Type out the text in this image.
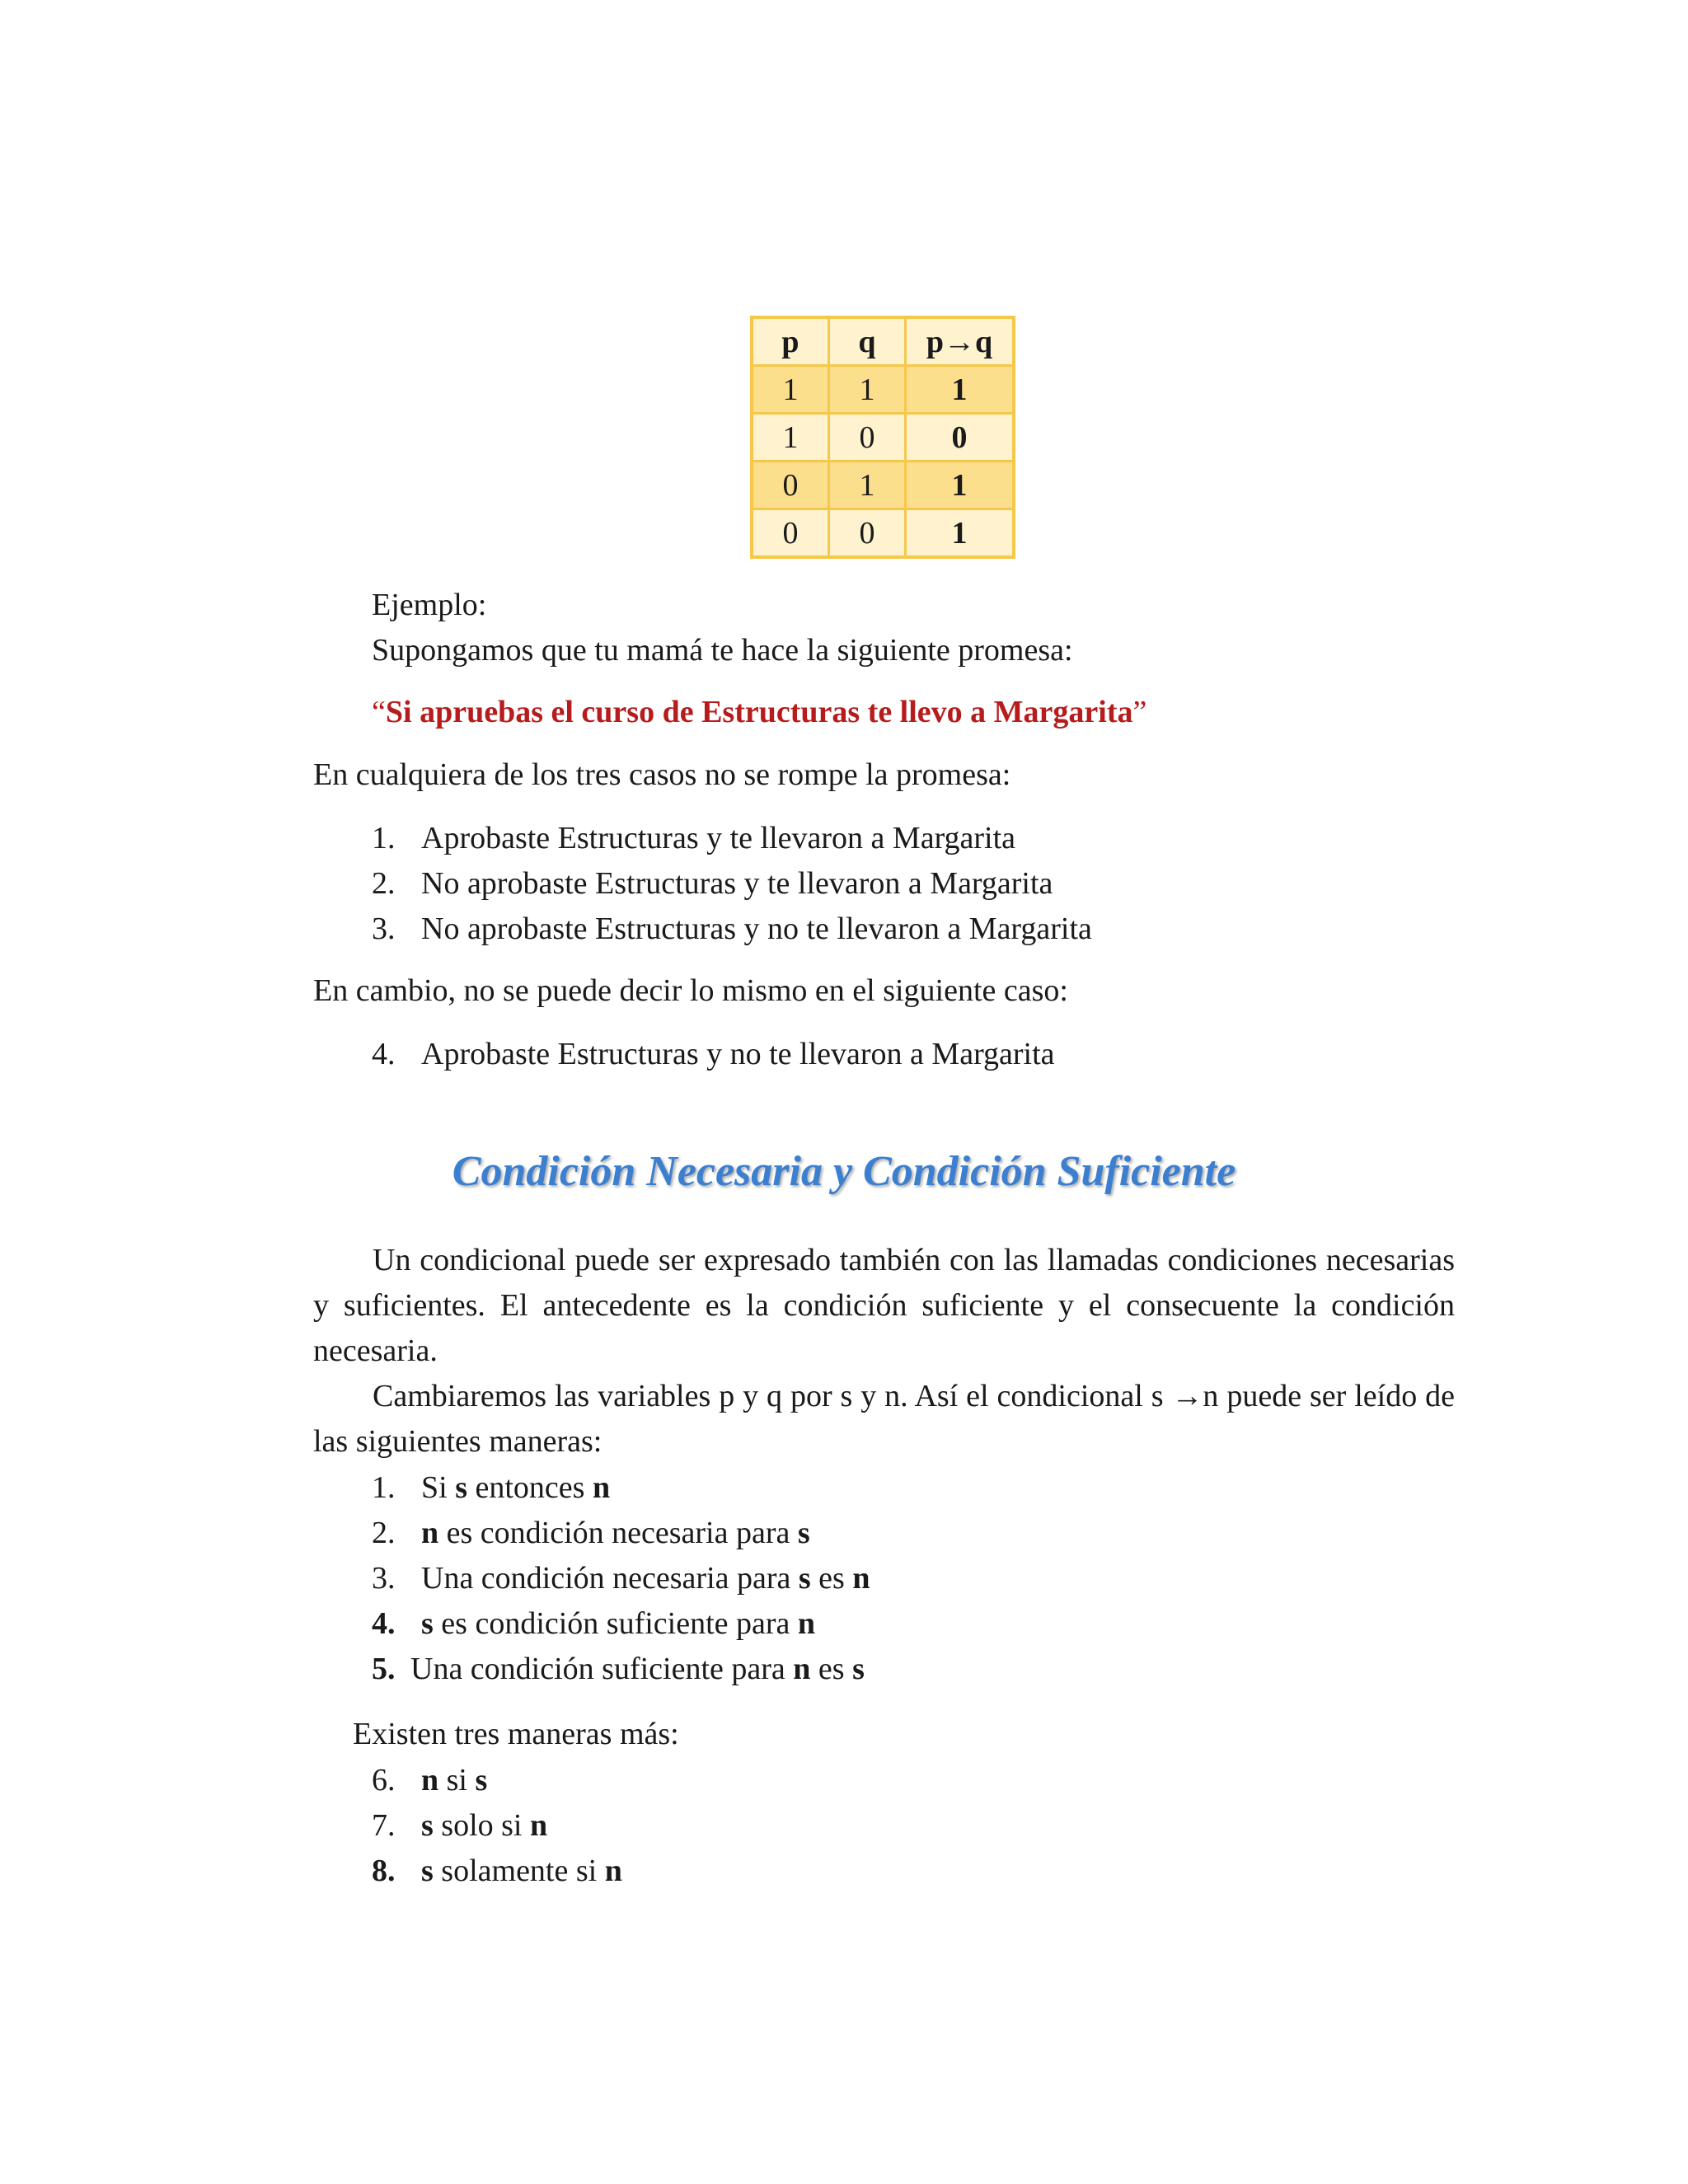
p	q	p→q
1	1	1
1	0	0
0	1	1
0	0	1
Ejemplo:
Supongamos que tu mamá te hace la siguiente promesa:
“Si apruebas el curso de Estructuras te llevo a Margarita”
En cualquiera de los tres casos no se rompe la promesa:
1. Aprobaste Estructuras y te llevaron a Margarita
2. No aprobaste Estructuras y te llevaron a Margarita
3. No aprobaste Estructuras y no te llevaron a Margarita
En cambio, no se puede decir lo mismo en el siguiente caso:
4. Aprobaste Estructuras y no te llevaron a Margarita
Condición Necesaria y Condición Suficiente
Un condicional puede ser expresado también con las llamadas condiciones necesarias y suficientes. El antecedente es la condición suficiente y el consecuente la condición necesaria.
Cambiaremos las variables p y q por s y n. Así el condicional s →n puede ser leído de las siguientes maneras:
1. Si s entonces n
2. n es condición necesaria para s
3. Una condición necesaria para s es n
4. s es condición suficiente para n
5. Una condición suficiente para n es s
Existen tres maneras más:
6. n si s
7. s solo si n
8. s solamente si n
